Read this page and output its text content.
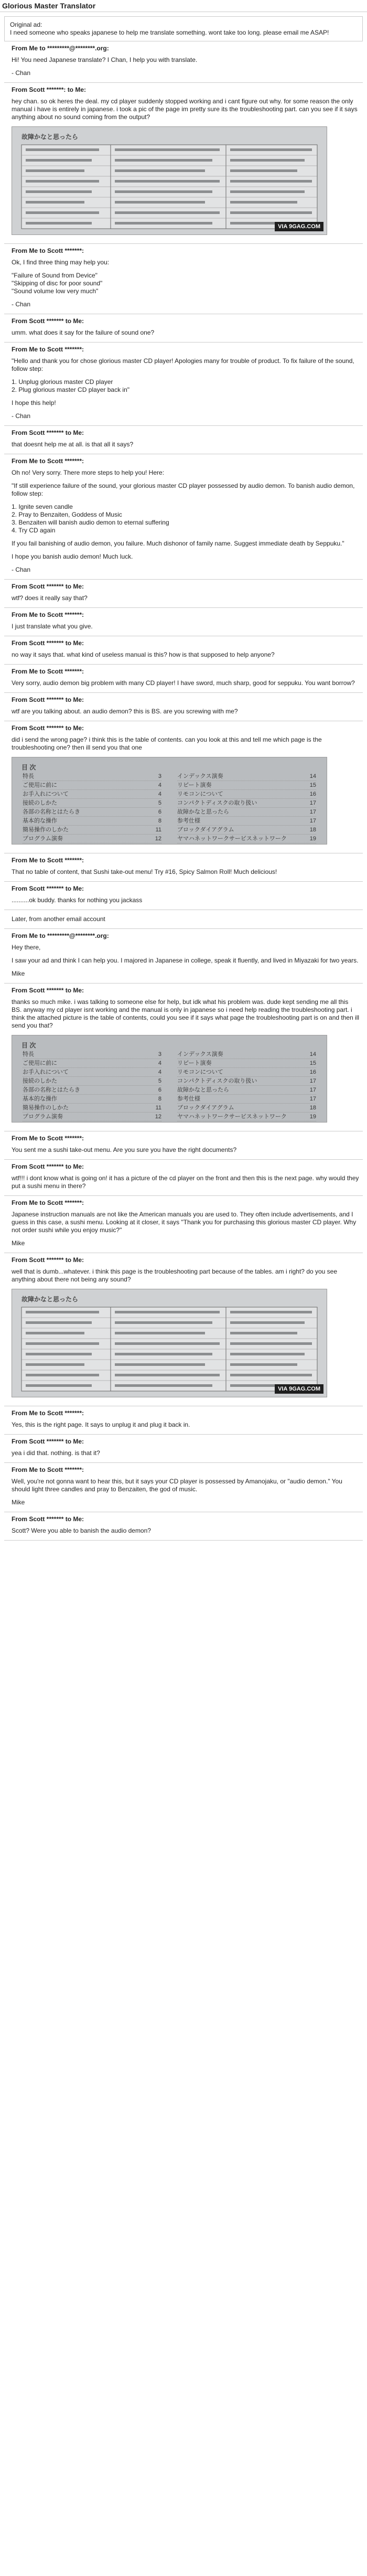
Glorious Master Translator
Original ad:
I need someone who speaks japanese to help me translate something. wont take too long. please email me ASAP!
From Me to *********@********.org:
Hi! You need Japanese translate? I Chan, I help you with translate.
- Chan
From Scott *******: to Me:
hey chan. so ok heres the deal. my cd player suddenly stopped working and i cant figure out why. for some reason the only manual i have is entirely in japanese. i took a pic of the page im pretty sure its the troubleshooting part. can you see if it says anything about no sound coming from the output?
故障かなと思ったら
VIA 9GAG.COM
From Me to Scott *******:
Ok, I find three thing may help you:
"Failure of Sound from Device"
"Skipping of disc for poor sound"
"Sound volume low very much"
- Chan
From Scott ******* to Me:
umm. what does it say for the failure of sound one?
From Me to Scott *******:
"Hello and thank you for chose glorious master CD player! Apologies many for trouble of product. To fix failure of the sound, follow step:
1. Unplug glorious master CD player
2. Plug glorious master CD player back in"
I hope this help!
- Chan
From Scott ******* to Me:
that doesnt help me at all. is that all it says?
From Me to Scott *******:
Oh no! Very sorry. There more steps to help you! Here:
"If still experience failure of the sound, your glorious master CD player possessed by audio demon. To banish audio demon, follow step:
1. Ignite seven candle
2. Pray to Benzaiten, Goddess of Music
3. Benzaiten will banish audio demon to eternal suffering
4. Try CD again
If you fail banishing of audio demon, you failure. Much dishonor of family name. Suggest immediate death by Seppuku."
I hope you banish audio demon! Much luck.
- Chan
From Scott ******* to Me:
wtf? does it really say that?
From Me to Scott *******:
I just translate what you give.
From Scott ******* to Me:
no way it says that. what kind of useless manual is this? how is that supposed to help anyone?
From Me to Scott *******:
Very sorry, audio demon big problem with many CD player! I have sword, much sharp, good for seppuku. You want borrow?
From Scott ******* to Me:
wtf are you talking about. an audio demon? this is BS. are you screwing with me?
From Scott ******* to Me:
did i send the wrong page? i think this is the table of contents. can you look at this and tell me which page is the troubleshooting one? then ill send you that one
目 次
特長	3
ご使用に前に	4
お手入れについて	4
接続のしかた	5
各部の名称とはたらき	6
基本的な操作	8
簡易操作のしかた	11
プログラム演奏	12
インデックス演奏	14
リピート演奏	15
リモコンについて	16
コンパクトディスクの取り扱い	17
故障かなと思ったら	17
参考仕様	17
ブロックダイアグラム	18
ヤマハネットワークサービスネットワーク	19
From Me to Scott *******:
That no table of content, that Sushi take-out menu! Try #16, Spicy Salmon Roll! Much delicious!
From Scott ******* to Me:
..........ok buddy. thanks for nothing you jackass
Later, from another email account
From Me to *********@********.org:
Hey there,
I saw your ad and think I can help you. I majored in Japanese in college, speak it fluently, and lived in Miyazaki for two years.
Mike
From Scott ******* to Me:
thanks so much mike. i was talking to someone else for help, but idk what his problem was. dude kept sending me all this BS. anyway my cd player isnt working and the manual is only in japanese so i need help reading the troubleshooting part. i think the attached picture is the table of contents, could you see if it says what page the troubleshooting part is on and then ill send you that?
目 次
特長	3
ご使用に前に	4
お手入れについて	4
接続のしかた	5
各部の名称とはたらき	6
基本的な操作	8
簡易操作のしかた	11
プログラム演奏	12
インデックス演奏	14
リピート演奏	15
リモコンについて	16
コンパクトディスクの取り扱い	17
故障かなと思ったら	17
参考仕様	17
ブロックダイアグラム	18
ヤマハネットワークサービスネットワーク	19
From Me to Scott *******:
You sent me a sushi take-out menu. Are you sure you have the right documents?
From Scott ******* to Me:
wtf!!! i dont know what is going on! it has a picture of the cd player on the front and then this is the next page. why would they put a sushi menu in there?
From Me to Scott *******:
Japanese instruction manuals are not like the American manuals you are used to. They often include advertisements, and I guess in this case, a sushi menu. Looking at it closer, it says "Thank you for purchasing this glorious master CD player. Why not order sushi while you enjoy music?"
Mike
From Scott ******* to Me:
well that is dumb...whatever. i think this page is the troubleshooting part because of the tables. am i right? do you see anything about there not being any sound?
故障かなと思ったら
VIA 9GAG.COM
From Me to Scott *******:
Yes, this is the right page. It says to unplug it and plug it back in.
From Scott ******* to Me:
yea i did that. nothing. is that it?
From Me to Scott *******:
Well, you're not gonna want to hear this, but it says your CD player is possessed by Amanojaku, or "audio demon." You should light three candles and pray to Benzaiten, the god of music.
Mike
From Scott ******* to Me:
Scott? Were you able to banish the audio demon?
